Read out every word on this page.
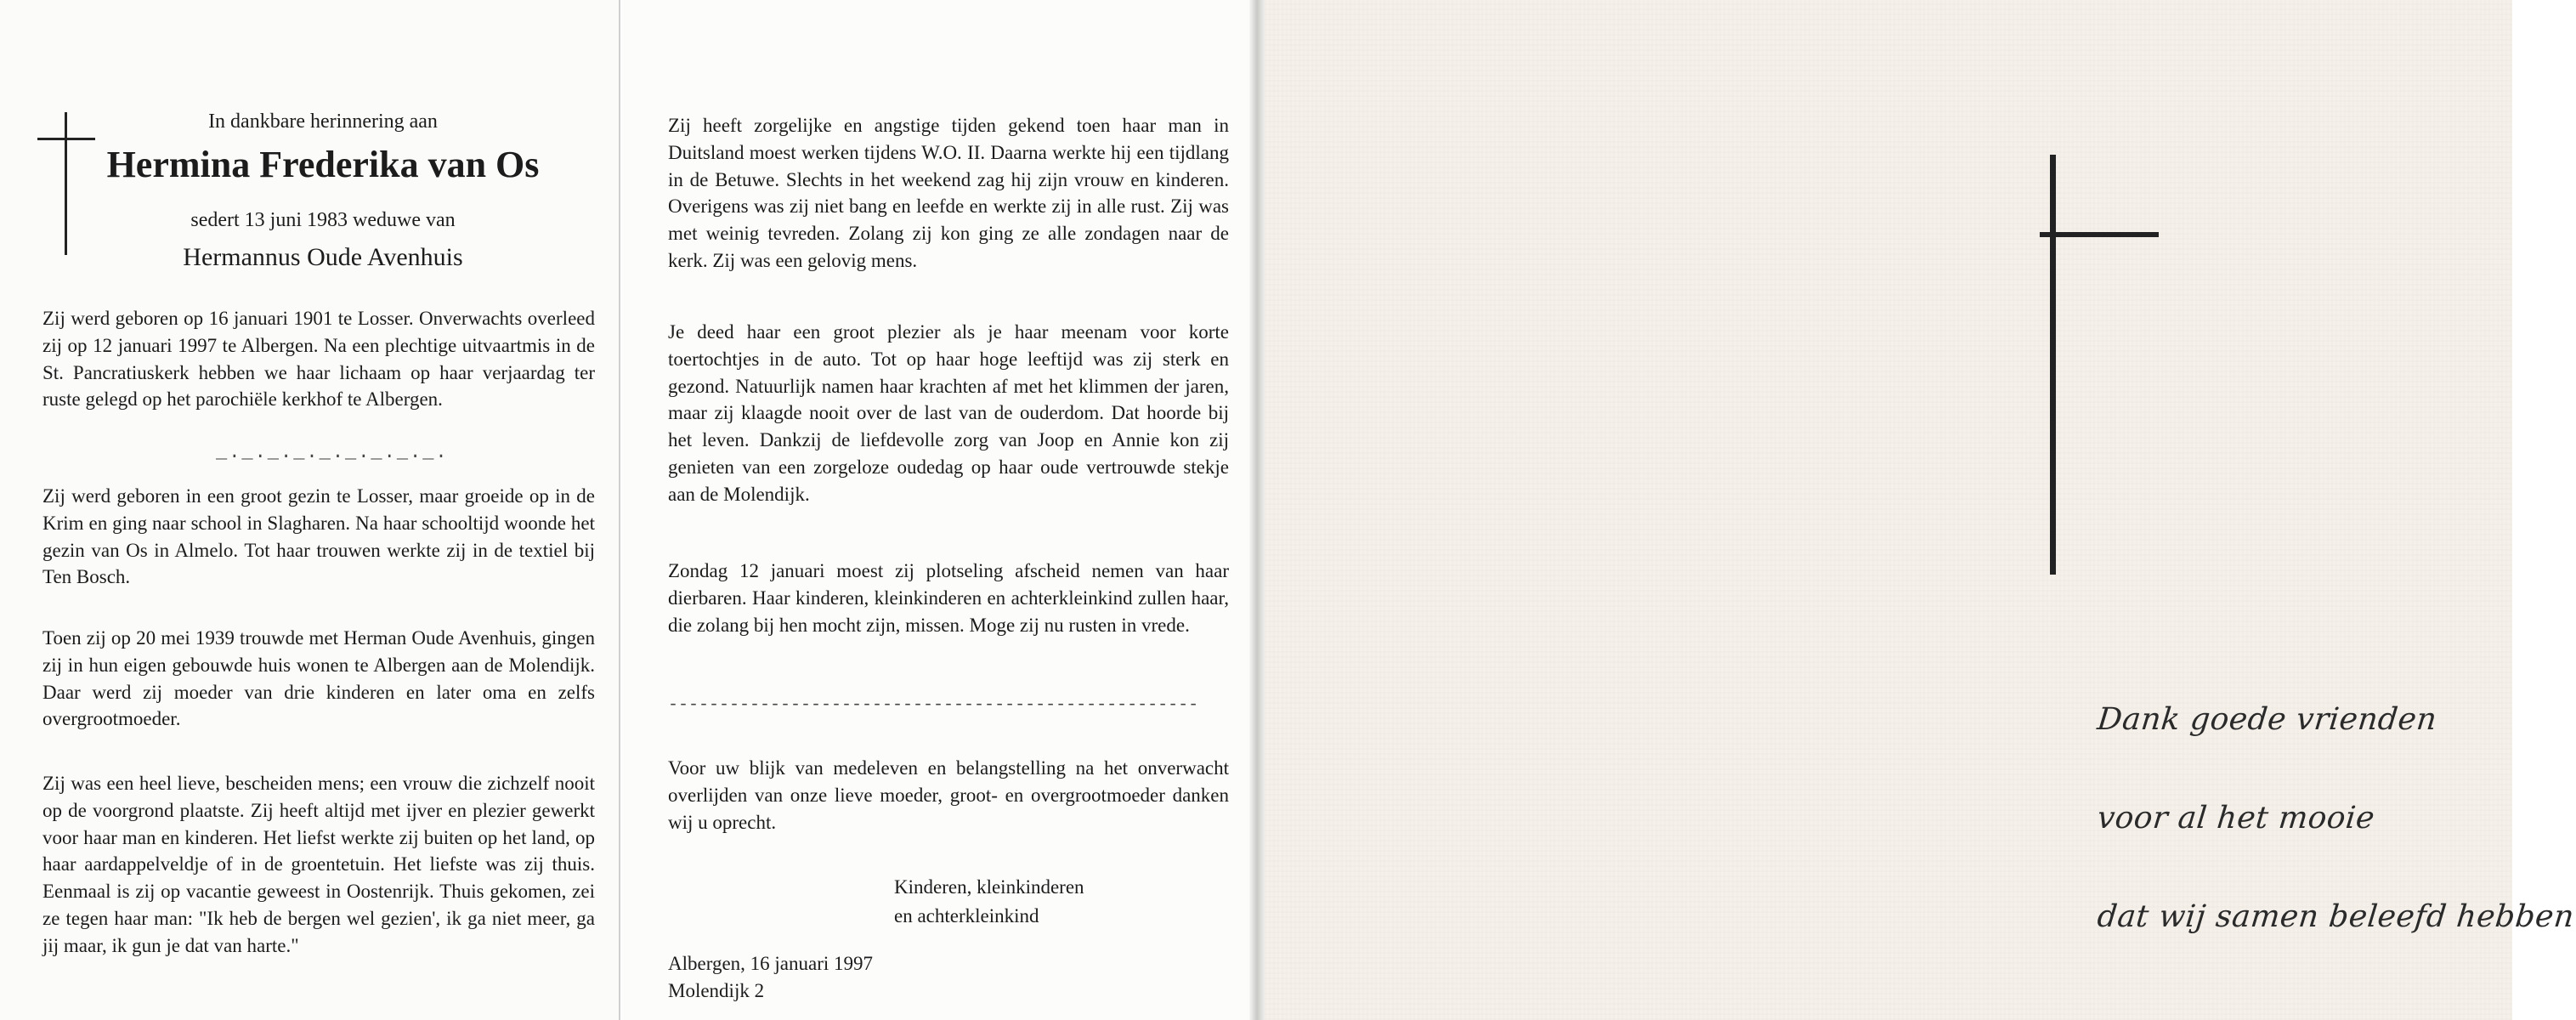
In dankbare herinnering aan
Hermina Frederika van Os
sedert 13 juni 1983 weduwe van
Hermannus Oude Avenhuis

Zij werd geboren op 16 januari 1901 te Losser. Onverwachts overleed zij op 12 januari 1997 te Albergen. Na een plechtige uitvaartmis in de St. Pancratiuskerk hebben we haar lichaam op haar verjaardag ter ruste gelegd op het parochiële kerkhof te Albergen.

_._._._._._._._._.

Zij werd geboren in een groot gezin te Losser, maar groeide op in de Krim en ging naar school in Slagharen. Na haar schooltijd woonde het gezin van Os in Almelo. Tot haar trouwen werkte zij in de textiel bij Ten Bosch.

Toen zij op 20 mei 1939 trouwde met Herman Oude Avenhuis, gingen zij in hun eigen gebouwde huis wonen te Albergen aan de Molendijk. Daar werd zij moeder van drie kinderen en later oma en zelfs overgrootmoeder.

Zij was een heel lieve, bescheiden mens; een vrouw die zichzelf nooit op de voorgrond plaatste. Zij heeft altijd met ijver en plezier gewerkt voor haar man en kinderen. Het liefst werkte zij buiten op het land, op haar aardappelveldje of in de groentetuin. Het liefste was zij thuis. Eenmaal is zij op vacantie geweest in Oostenrijk. Thuis gekomen, zei ze tegen haar man: "Ik heb de bergen wel gezien', ik ga niet meer, ga jij maar, ik gun je dat van harte."

Zij heeft zorgelijke en angstige tijden gekend toen haar man in Duitsland moest werken tijdens W.O. II. Daarna werkte hij een tijdlang in de Betuwe. Slechts in het weekend zag hij zijn vrouw en kinderen. Overigens was zij niet bang en leefde en werkte zij in alle rust. Zij was met weinig tevreden. Zolang zij kon ging ze alle zondagen naar de kerk. Zij was een gelovig mens.

Je deed haar een groot plezier als je haar meenam voor korte toertochtjes in de auto. Tot op haar hoge leeftijd was zij sterk en gezond. Natuurlijk namen haar krachten af met het klimmen der jaren, maar zij klaagde nooit over de last van de ouderdom. Dat hoorde bij het leven. Dankzij de liefdevolle zorg van Joop en Annie kon zij genieten van een zorgeloze oudedag op haar oude vertrouwde stekje aan de Molendijk.

Zondag 12 januari moest zij plotseling afscheid nemen van haar dierbaren. Haar kinderen, kleinkinderen en achterkleinkind zullen haar, die zolang bij hen mocht zijn, missen. Moge zij nu rusten in vrede.

----------------------------------------------------

Voor uw blijk van medeleven en belangstelling na het onverwacht overlijden van onze lieve moeder, groot- en overgrootmoeder danken wij u oprecht.

Kinderen, kleinkinderen
en achterkleinkind
Albergen, 16 januari 1997
Molendijk 2
Dank goede vrienden
voor al het mooie
dat wij samen beleefd hebben
